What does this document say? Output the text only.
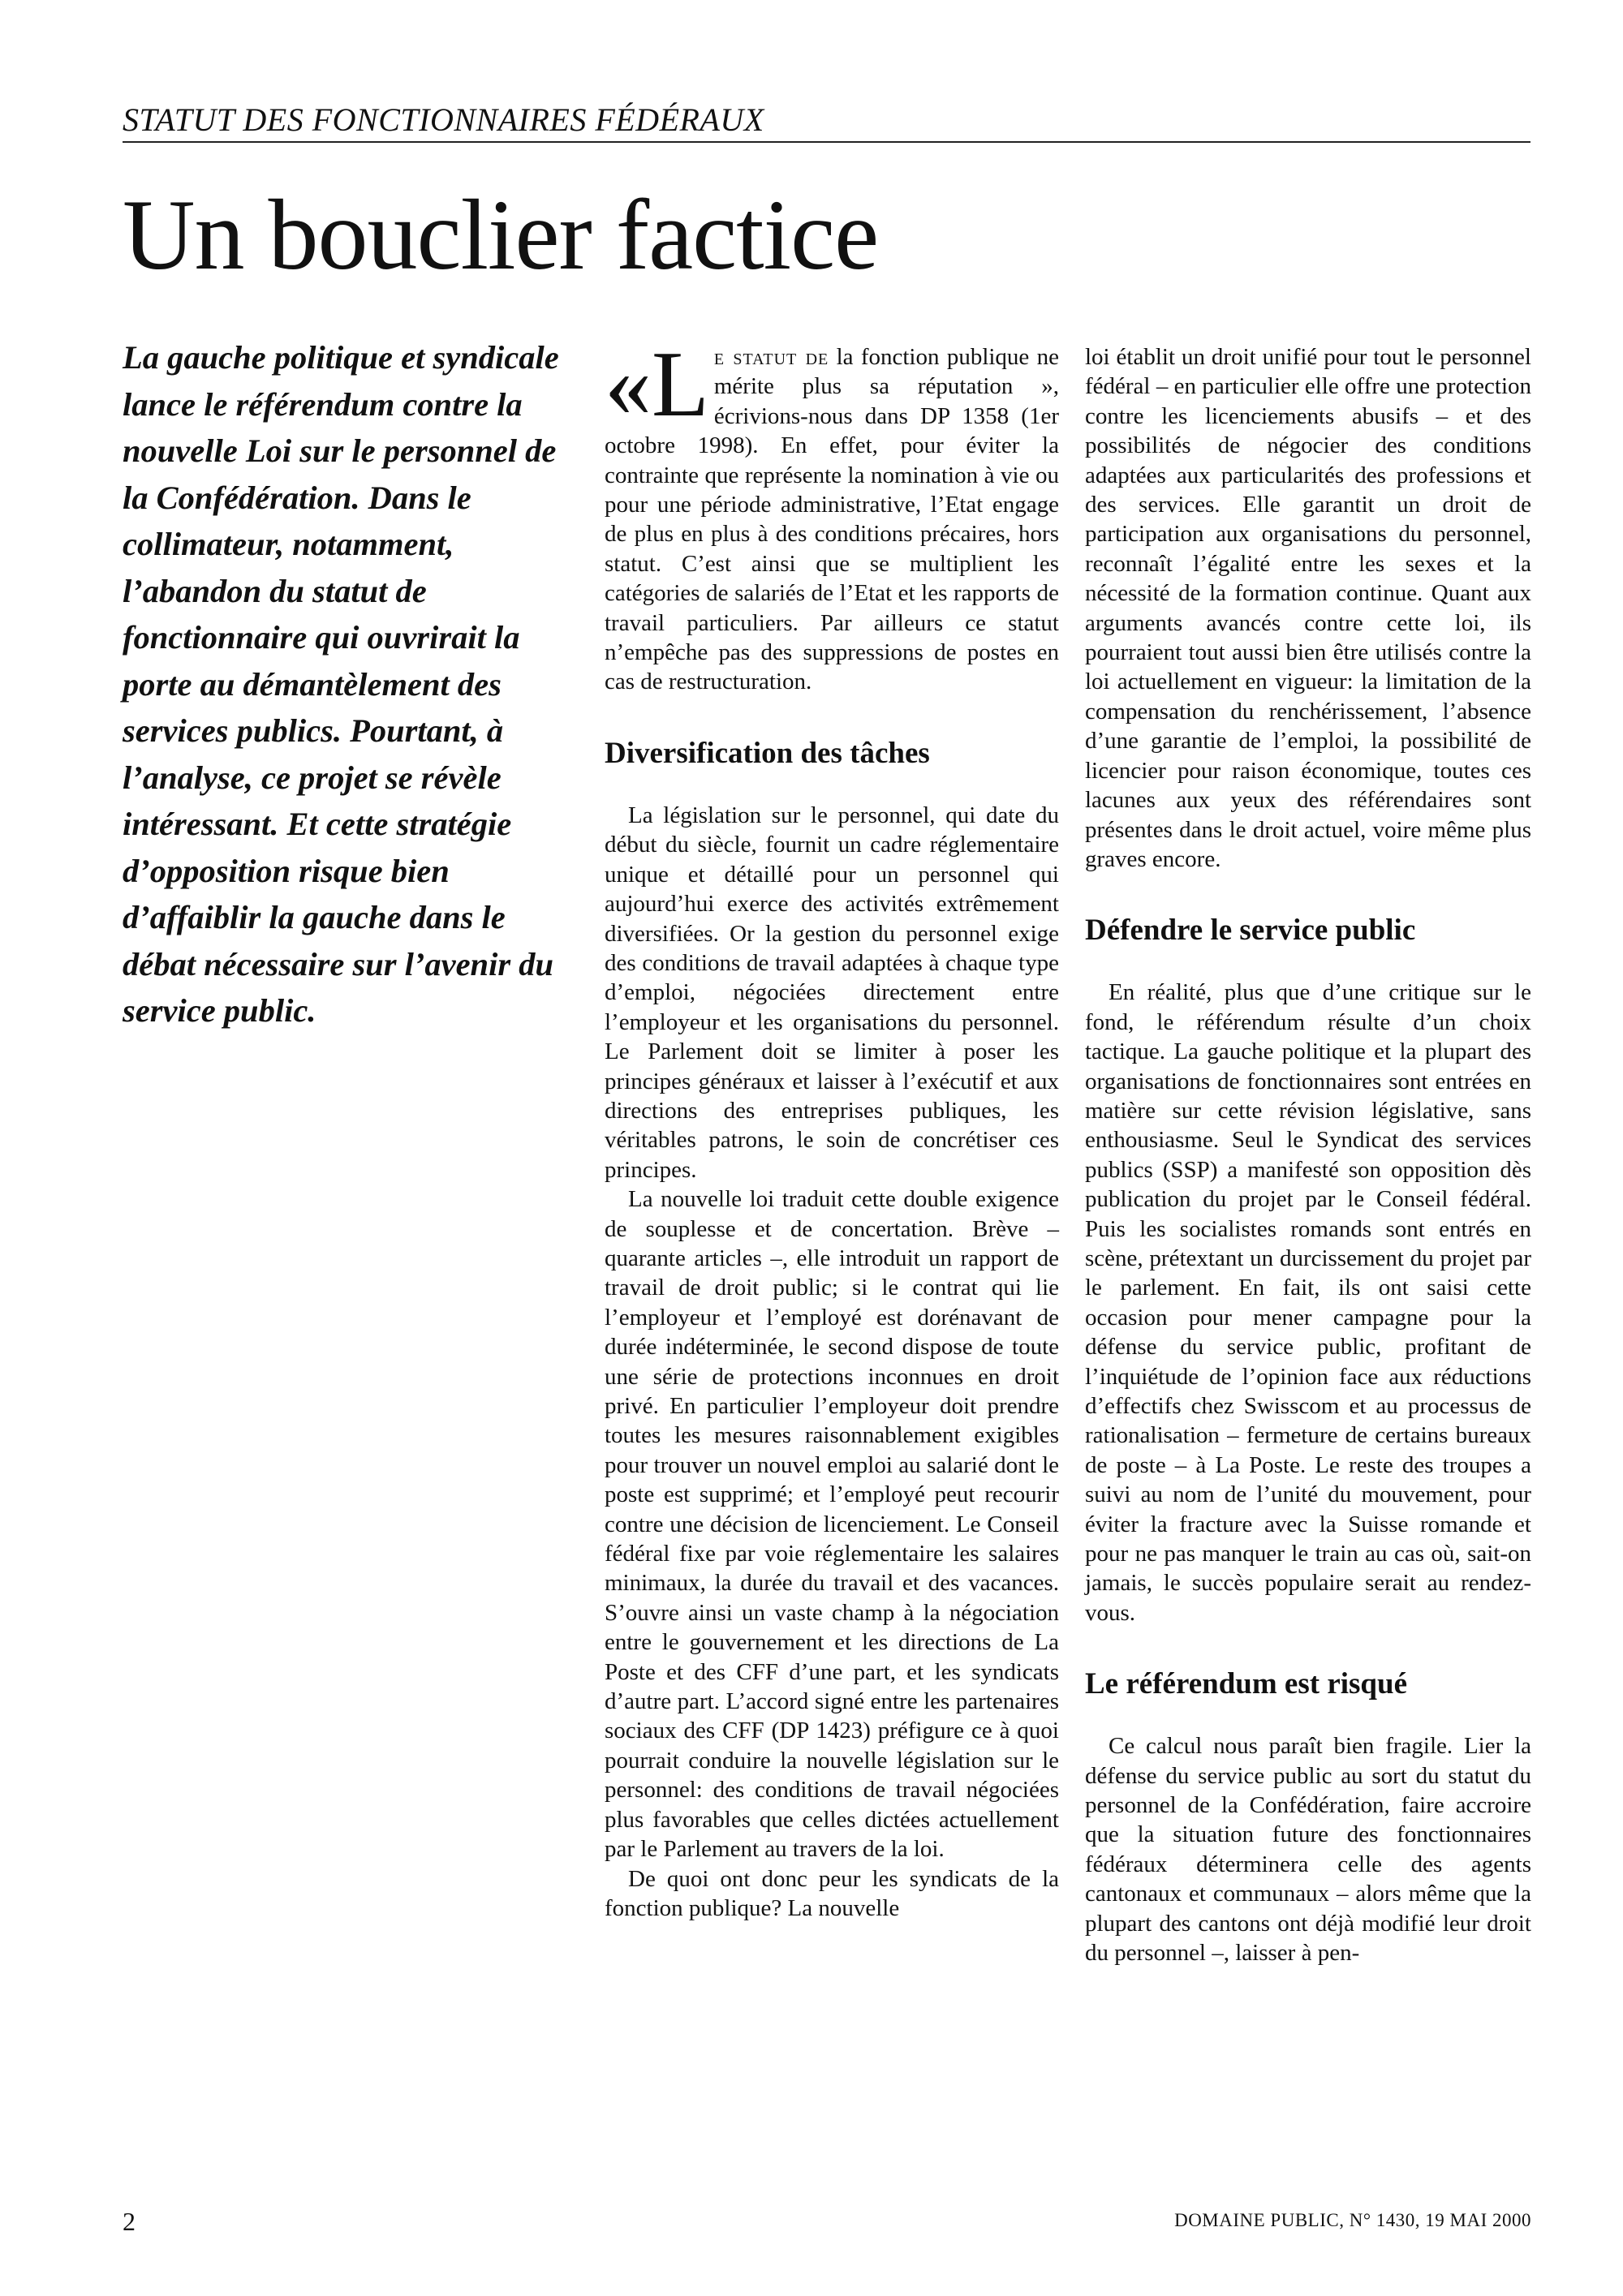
STATUT DES FONCTIONNAIRES FÉDÉRAUX
Un bouclier factice

La gauche politique et syndicale lance le référendum contre la nouvelle Loi sur le personnel de la Confédération. Dans le collimateur, notamment, l’abandon du statut de fonctionnaire qui ouvrirait la porte au démantèlement des services publics. Pourtant, à l’analyse, ce projet se révèle intéressant. Et cette stratégie d’opposition risque bien d’affaiblir la gauche dans le débat nécessaire sur l’avenir du service public.

«Le statut de la fonction publique ne mérite plus sa réputation », écrivions-nous dans DP 1358 (1er octobre 1998). En effet, pour éviter la contrainte que représente la nomination à vie ou pour une période administrative, l’Etat engage de plus en plus à des conditions précaires, hors statut. C’est ainsi que se multiplient les catégories de salariés de l’Etat et les rapports de travail particuliers. Par ailleurs ce statut n’empêche pas des suppressions de postes en cas de restructuration.

Diversification des tâches

La législation sur le personnel, qui date du début du siècle, fournit un cadre réglementaire unique et détaillé pour un personnel qui aujourd’hui exerce des activités extrêmement diversifiées. Or la gestion du personnel exige des conditions de travail adaptées à chaque type d’emploi, négociées directement entre l’employeur et les organisations du personnel. Le Parlement doit se limiter à poser les principes généraux et laisser à l’exécutif et aux directions des entreprises publiques, les véritables patrons, le soin de concrétiser ces principes.

La nouvelle loi traduit cette double exigence de souplesse et de concertation. Brève – quarante articles –, elle introduit un rapport de travail de droit public; si le contrat qui lie l’employeur et l’employé est dorénavant de durée indéterminée, le second dispose de toute une série de protections inconnues en droit privé. En particulier l’employeur doit prendre toutes les mesures raisonnablement exigibles pour trouver un nouvel emploi au salarié dont le poste est supprimé; et l’employé peut recourir contre une décision de licenciement. Le Conseil fédéral fixe par voie réglementaire les salaires minimaux, la durée du travail et des vacances. S’ouvre ainsi un vaste champ à la négociation entre le gouvernement et les directions de La Poste et des CFF d’une part, et les syndicats d’autre part. L’accord signé entre les partenaires sociaux des CFF (DP 1423) préfigure ce à quoi pourrait conduire la nouvelle législation sur le personnel: des conditions de travail négociées plus favorables que celles dictées actuellement par le Parlement au travers de la loi.

De quoi ont donc peur les syndicats de la fonction publique? La nouvelle

loi établit un droit unifié pour tout le personnel fédéral – en particulier elle offre une protection contre les licenciements abusifs – et des possibilités de négocier des conditions adaptées aux particularités des professions et des services. Elle garantit un droit de participation aux organisations du personnel, reconnaît l’égalité entre les sexes et la nécessité de la formation continue. Quant aux arguments avancés contre cette loi, ils pourraient tout aussi bien être utilisés contre la loi actuellement en vigueur: la limitation de la compensation du renchérissement, l’absence d’une garantie de l’emploi, la possibilité de licencier pour raison économique, toutes ces lacunes aux yeux des référendaires sont présentes dans le droit actuel, voire même plus graves encore.

Défendre le service public

En réalité, plus que d’une critique sur le fond, le référendum résulte d’un choix tactique. La gauche politique et la plupart des organisations de fonctionnaires sont entrées en matière sur cette révision législative, sans enthousiasme. Seul le Syndicat des services publics (SSP) a manifesté son opposition dès publication du projet par le Conseil fédéral. Puis les socialistes romands sont entrés en scène, prétextant un durcissement du projet par le parlement. En fait, ils ont saisi cette occasion pour mener campagne pour la défense du service public, profitant de l’inquiétude de l’opinion face aux réductions d’effectifs chez Swisscom et au processus de rationalisation – fermeture de certains bureaux de poste – à La Poste. Le reste des troupes a suivi au nom de l’unité du mouvement, pour éviter la fracture avec la Suisse romande et pour ne pas manquer le train au cas où, sait-on jamais, le succès populaire serait au rendez-vous.

Le référendum est risqué

Ce calcul nous paraît bien fragile. Lier la défense du service public au sort du statut du personnel de la Confédération, faire accroire que la situation future des fonctionnaires fédéraux déterminera celle des agents cantonaux et communaux – alors même que la plupart des cantons ont déjà modifié leur droit du personnel –, laisser à pen-

2	DOMAINE PUBLIC, N° 1430, 19 MAI 2000
